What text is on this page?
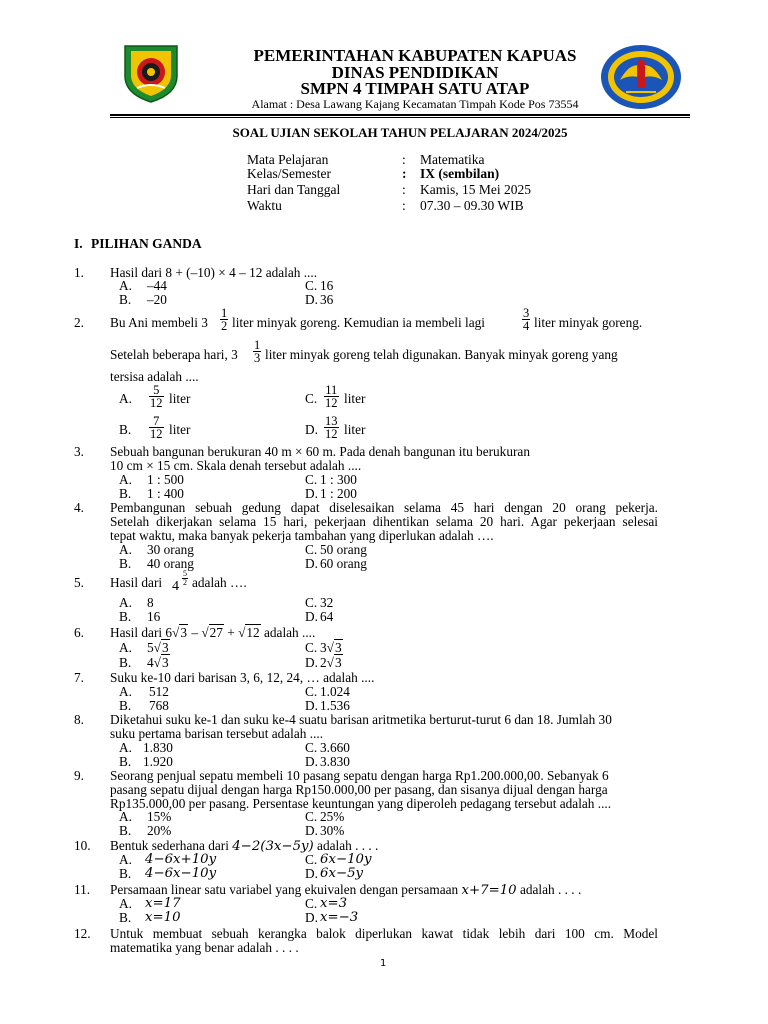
PEMERINTAHAN KABUPATEN KAPUAS
DINAS PENDIDIKAN
SMPN 4 TIMPAH SATU ATAP
Alamat : Desa Lawang Kajang Kecamatan Timpah Kode Pos 73554
SOAL UJIAN SEKOLAH TAHUN PELAJARAN 2024/2025
Mata Pelajaran	: Matematika
Kelas/Semester	: IX (sembilan)
Hari dan Tanggal	: Kamis, 15 Mei 2025
Waktu	: 07.30 – 09.30 WIB
I. PILIHAN GANDA
1. Hasil dari 8 + (–10) × 4 – 12 adalah ....
A. –44	C. 16
B. –20	D. 36
2. Bu Ani membeli $3 \frac{1}{2}$ liter minyak goreng. Kemudian ia membeli lagi	$\frac{3}{4}$ liter minyak goreng.
Setelah beberapa hari, $3 \frac{1}{3}$ liter minyak goreng telah digunakan. Banyak minyak goreng yang
tersisa adalah ....
A. $\frac{5}{12}$ liter	C. $\frac{11}{12}$ liter
B. $\frac{7}{12}$ liter	D. $\frac{13}{12}$ liter
3. Sebuah bangunan berukuran 40 m × 60 m. Pada denah bangunan itu berukuran
10 cm × 15 cm. Skala denah tersebut adalah ....
A. 1 : 500	C. 1 : 300
B. 1 : 400	D. 1 : 200
4. Pembangunan sebuah gedung dapat diselesaikan selama 45 hari dengan 20 orang pekerja.
Setelah dikerjakan selama 15 hari, pekerjaan dihentikan selama 20 hari. Agar pekerjaan selesai
tepat waktu, maka banyak pekerja tambahan yang diperlukan adalah ….
A. 30 orang	C. 50 orang
B. 40 orang	D. 60 orang
5. Hasil dari $4 \frac{5}{2}$ adalah ….
A. 8	C. 32
B. 16	D. 64
6. Hasil dari 6√3 – √27 + √12 adalah ....
A. 5√3	C. 3√3
B. 4√3	D. 2√3
7. Suku ke-10 dari barisan 3, 6, 12, 24, … adalah ....
A. 512	C. 1.024
B. 768	D. 1.536
8. Diketahui suku ke-1 dan suku ke-4 suatu barisan aritmetika berturut-turut 6 dan 18. Jumlah 30
suku pertama barisan tersebut adalah ....
A. 1.830	C. 3.660
B. 1.920	D. 3.830
9. Seorang penjual sepatu membeli 10 pasang sepatu dengan harga Rp1.200.000,00. Sebanyak 6
pasang sepatu dijual dengan harga Rp150.000,00 per pasang, dan sisanya dijual dengan harga
Rp135.000,00 per pasang. Persentase keuntungan yang diperoleh pedagang tersebut adalah ....
A. 15%	C. 25%
B. 20%	D. 30%
10. Bentuk sederhana dari 4−2(3x−5y) adalah . . . .
A. 4−6x+10y	C. 6x−10y
B. 4−6x−10y	D. 6x−5y
11. Persamaan linear satu variabel yang ekuivalen dengan persamaan x+7=10 adalah . . . .
A. x=17	C. x=3
B. x=10	D. x=−3
12. Untuk membuat sebuah kerangka balok diperlukan kawat tidak lebih dari 100 cm. Model
matematika yang benar adalah . . . .
1
